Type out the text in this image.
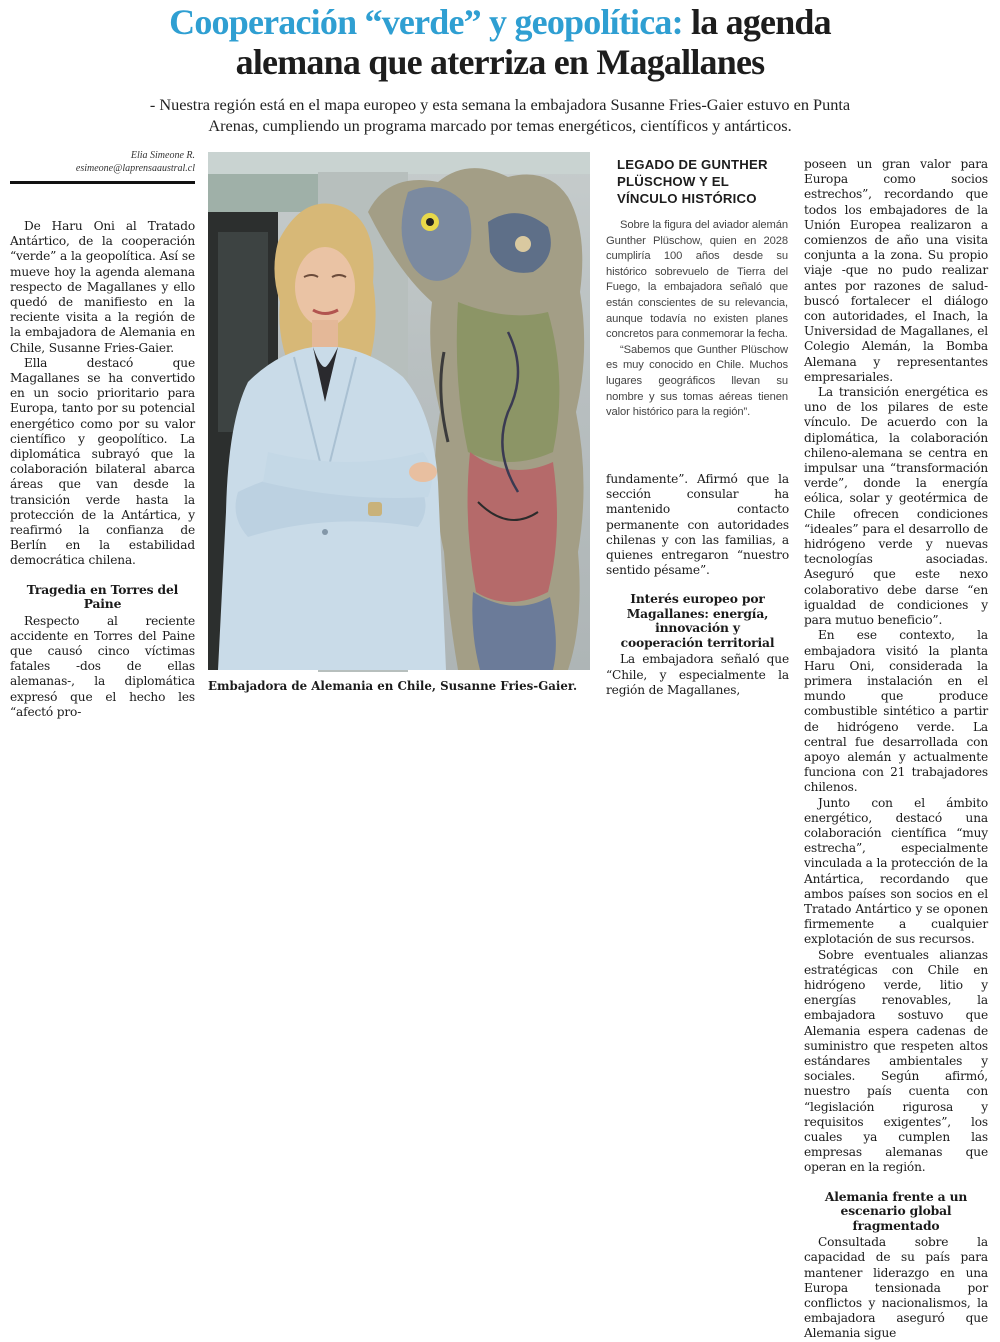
Cooperación “verde” y geopolítica: la agenda
alemana que aterriza en Magallanes
- Nuestra región está en el mapa europeo y esta semana la embajadora Susanne Fries-Gaier estuvo en Punta Arenas, cumpliendo un programa marcado por temas energéticos, científicos y antárticos.
Elia Simeone R.
esimeone@laprensaaustral.cl

De Haru Oni al Tratado Antártico, de la cooperación “verde” a la geopolítica. Así se mueve hoy la agenda alemana respecto de Magallanes y ello quedó de manifiesto en la reciente visita a la región de la embajadora de Alemania en Chile, Susanne Fries-Gaier.

Ella destacó que Magallanes se ha convertido en un socio prioritario para Europa, tanto por su potencial energético como por su valor científico y geopolítico. La diplomática subrayó que la colaboración bilateral abarca áreas que van desde la transición verde hasta la protección de la Antártica, y reafirmó la confianza de Berlín en la estabilidad democrática chilena.

Tragedia en Torres del Paine

Respecto al reciente accidente en Torres del Paine que causó cinco víctimas fatales -dos de ellas alemanas-, la diplomática expresó que el hecho les “afectó pro-

Embajadora de Alemania en Chile, Susanne Fries-Gaier.
LEGADO DE GUNTHER PLÜSCHOW Y EL VÍNCULO HISTÓRICO

Sobre la figura del aviador alemán Gunther Plüschow, quien en 2028 cumpliría 100 años desde su histórico sobrevuelo de Tierra del Fuego, la embajadora señaló que están conscientes de su relevancia, aunque todavía no existen planes concretos para conmemorar la fecha.

“Sabemos que Gunther Plüschow es muy conocido en Chile. Muchos lugares geográficos llevan su nombre y sus tomas aéreas tienen valor histórico para la región”.

fundamente”. Afirmó que la sección consular ha mantenido contacto permanente con autoridades chilenas y con las familias, a quienes entregaron “nuestro sentido pésame”.

Interés europeo por Magallanes: energía, innovación y cooperación territorial

La embajadora señaló que “Chile, y especialmente la región de Magallanes,

poseen un gran valor para Europa como socios estrechos”, recordando que todos los embajadores de la Unión Europea realizaron a comienzos de año una visita conjunta a la zona. Su propio viaje -que no pudo realizar antes por razones de salud- buscó fortalecer el diálogo con autoridades, el Inach, la Universidad de Magallanes, el Colegio Alemán, la Bomba Alemana y representantes empresariales.

La transición energética es uno de los pilares de este vínculo. De acuerdo con la diplomática, la colaboración chileno-alemana se centra en impulsar una “transformación verde”, donde la energía eólica, solar y geotérmica de Chile ofrecen condiciones “ideales” para el desarrollo de hidrógeno verde y nuevas tecnologías asociadas. Aseguró que este nexo colaborativo debe darse “en igualdad de condiciones y para mutuo beneficio”.

En ese contexto, la embajadora visitó la planta Haru Oni, considerada la primera instalación en el mundo que produce combustible sintético a partir de hidrógeno verde. La central fue desarrollada con apoyo alemán y actualmente funciona con 21 trabajadores chilenos.

Junto con el ámbito energético, destacó una colaboración científica “muy estrecha”, especialmente vinculada a la protección de la Antártica, recordando que ambos países son socios en el Tratado Antártico y se oponen firmemente a cualquier explotación de sus recursos.

Sobre eventuales alianzas estratégicas con Chile en hidrógeno verde, litio y energías renovables, la embajadora sostuvo que Alemania espera cadenas de suministro que respeten altos estándares ambientales y sociales. Según afirmó, nuestro país cuenta con “legislación rigurosa y requisitos exigentes”, los cuales ya cumplen las empresas alemanas que operan en la región.

Alemania frente a un escenario global fragmentado

Consultada sobre la capacidad de su país para mantener liderazgo en una Europa tensionada por conflictos y nacionalismos, la embajadora aseguró que Alemania sigue
